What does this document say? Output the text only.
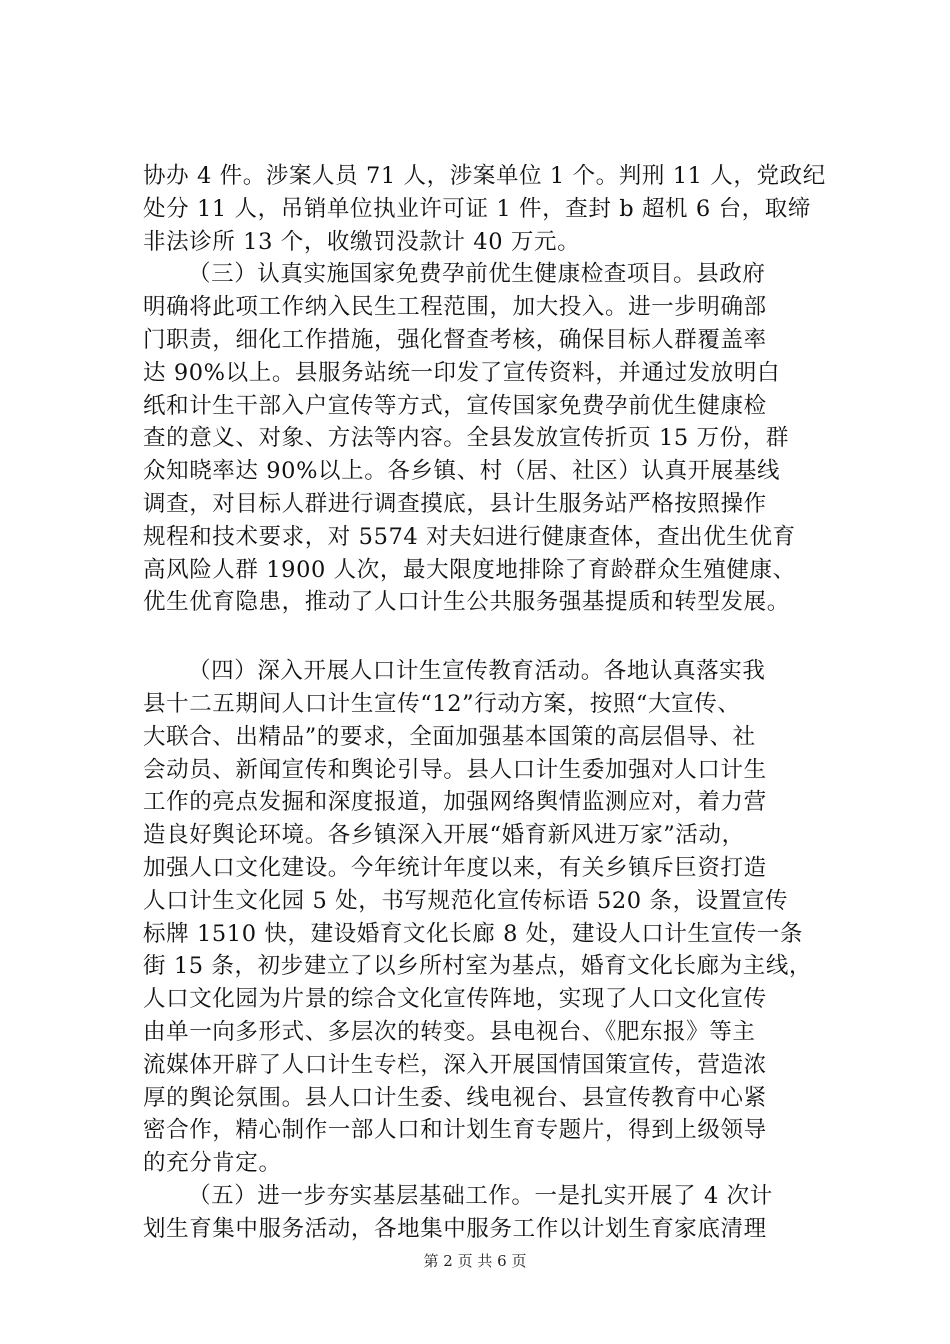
协办 4 件。涉案人员 71 人，涉案单位 1 个。判刑 11 人，党政纪
处分 11 人，吊销单位执业许可证 1 件，查封 b 超机 6 台，取缔
非法诊所 13 个，收缴罚没款计 40 万元。
（三）认真实施国家免费孕前优生健康检查项目。县政府
明确将此项工作纳入民生工程范围，加大投入。进一步明确部
门职责，细化工作措施，强化督查考核，确保目标人群覆盖率
达 90%以上。县服务站统一印发了宣传资料，并通过发放明白
纸和计生干部入户宣传等方式，宣传国家免费孕前优生健康检
查的意义、对象、方法等内容。全县发放宣传折页 15 万份，群
众知晓率达 90%以上。各乡镇、村（居、社区）认真开展基线
调查，对目标人群进行调查摸底，县计生服务站严格按照操作
规程和技术要求，对 5574 对夫妇进行健康查体，查出优生优育
高风险人群 1900 人次，最大限度地排除了育龄群众生殖健康、
优生优育隐患，推动了人口计生公共服务强基提质和转型发展。
（四）深入开展人口计生宣传教育活动。各地认真落实我
县十二五期间人口计生宣传“12”行动方案，按照“大宣传、
大联合、出精品”的要求，全面加强基本国策的高层倡导、社
会动员、新闻宣传和舆论引导。县人口计生委加强对人口计生
工作的亮点发掘和深度报道，加强网络舆情监测应对，着力营
造良好舆论环境。各乡镇深入开展“婚育新风进万家”活动，
加强人口文化建设。今年统计年度以来，有关乡镇斥巨资打造
人口计生文化园 5 处，书写规范化宣传标语 520 条，设置宣传
标牌 1510 快，建设婚育文化长廊 8 处，建设人口计生宣传一条
街 15 条，初步建立了以乡所村室为基点，婚育文化长廊为主线，
人口文化园为片景的综合文化宣传阵地，实现了人口文化宣传
由单一向多形式、多层次的转变。县电视台、《肥东报》等主
流媒体开辟了人口计生专栏，深入开展国情国策宣传，营造浓
厚的舆论氛围。县人口计生委、线电视台、县宣传教育中心紧
密合作，精心制作一部人口和计划生育专题片，得到上级领导
的充分肯定。
（五）进一步夯实基层基础工作。一是扎实开展了 4 次计
划生育集中服务活动，各地集中服务工作以计划生育家底清理
第 2 页 共 6 页
